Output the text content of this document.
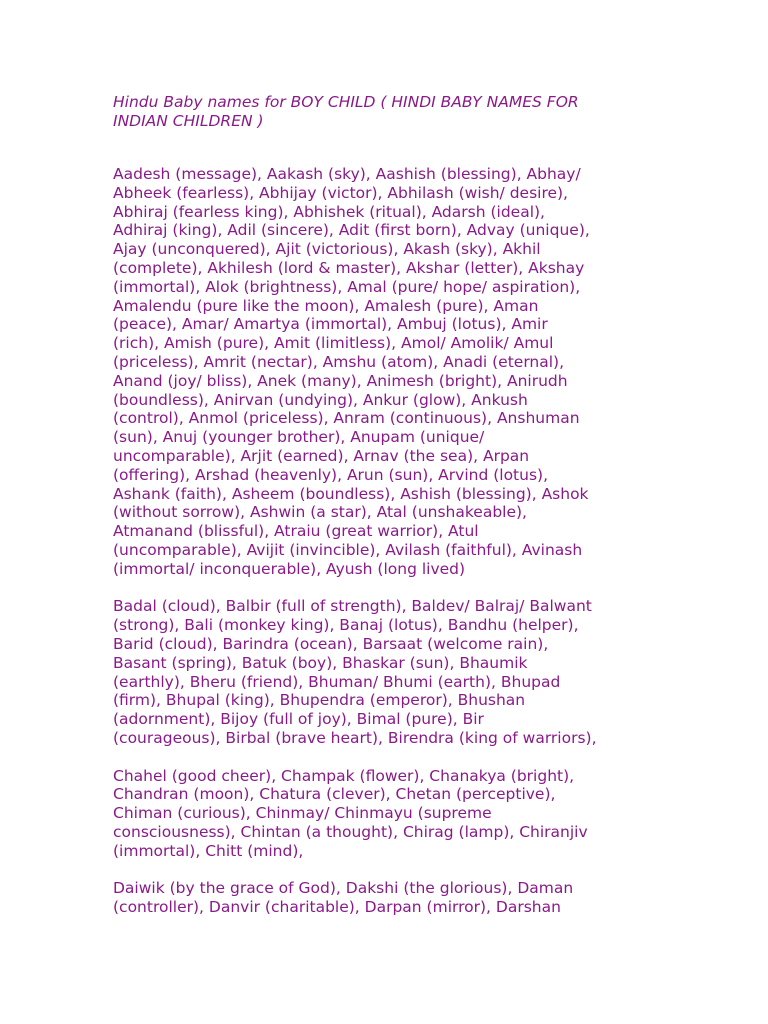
Hindu Baby names for BOY CHILD ( HINDI BABY NAMES FOR
INDIAN CHILDREN )
Aadesh (message), Aakash (sky), Aashish (blessing), Abhay/
Abheek (fearless), Abhijay (victor), Abhilash (wish/ desire),
Abhiraj (fearless king), Abhishek (ritual), Adarsh (ideal),
Adhiraj (king), Adil (sincere), Adit (first born), Advay (unique),
Ajay (unconquered), Ajit (victorious), Akash (sky), Akhil
(complete), Akhilesh (lord & master), Akshar (letter), Akshay
(immortal), Alok (brightness), Amal (pure/ hope/ aspiration),
Amalendu (pure like the moon), Amalesh (pure), Aman
(peace), Amar/ Amartya (immortal), Ambuj (lotus), Amir
(rich), Amish (pure), Amit (limitless), Amol/ Amolik/ Amul
(priceless), Amrit (nectar), Amshu (atom), Anadi (eternal),
Anand (joy/ bliss), Anek (many), Animesh (bright), Anirudh
(boundless), Anirvan (undying), Ankur (glow), Ankush
(control), Anmol (priceless), Anram (continuous), Anshuman
(sun), Anuj (younger brother), Anupam (unique/
uncomparable), Arjit (earned), Arnav (the sea), Arpan
(offering), Arshad (heavenly), Arun (sun), Arvind (lotus),
Ashank (faith), Asheem (boundless), Ashish (blessing), Ashok
(without sorrow), Ashwin (a star), Atal (unshakeable),
Atmanand (blissful), Atraiu (great warrior), Atul
(uncomparable), Avijit (invincible), Avilash (faithful), Avinash
(immortal/ inconquerable), Ayush (long lived)
Badal (cloud), Balbir (full of strength), Baldev/ Balraj/ Balwant
(strong), Bali (monkey king), Banaj (lotus), Bandhu (helper),
Barid (cloud), Barindra (ocean), Barsaat (welcome rain),
Basant (spring), Batuk (boy), Bhaskar (sun), Bhaumik
(earthly), Bheru (friend), Bhuman/ Bhumi (earth), Bhupad
(firm), Bhupal (king), Bhupendra (emperor), Bhushan
(adornment), Bijoy (full of joy), Bimal (pure), Bir
(courageous), Birbal (brave heart), Birendra (king of warriors),
Chahel (good cheer), Champak (flower), Chanakya (bright),
Chandran (moon), Chatura (clever), Chetan (perceptive),
Chiman (curious), Chinmay/ Chinmayu (supreme
consciousness), Chintan (a thought), Chirag (lamp), Chiranjiv
(immortal), Chitt (mind),
Daiwik (by the grace of God), Dakshi (the glorious), Daman
(controller), Danvir (charitable), Darpan (mirror), Darshan
